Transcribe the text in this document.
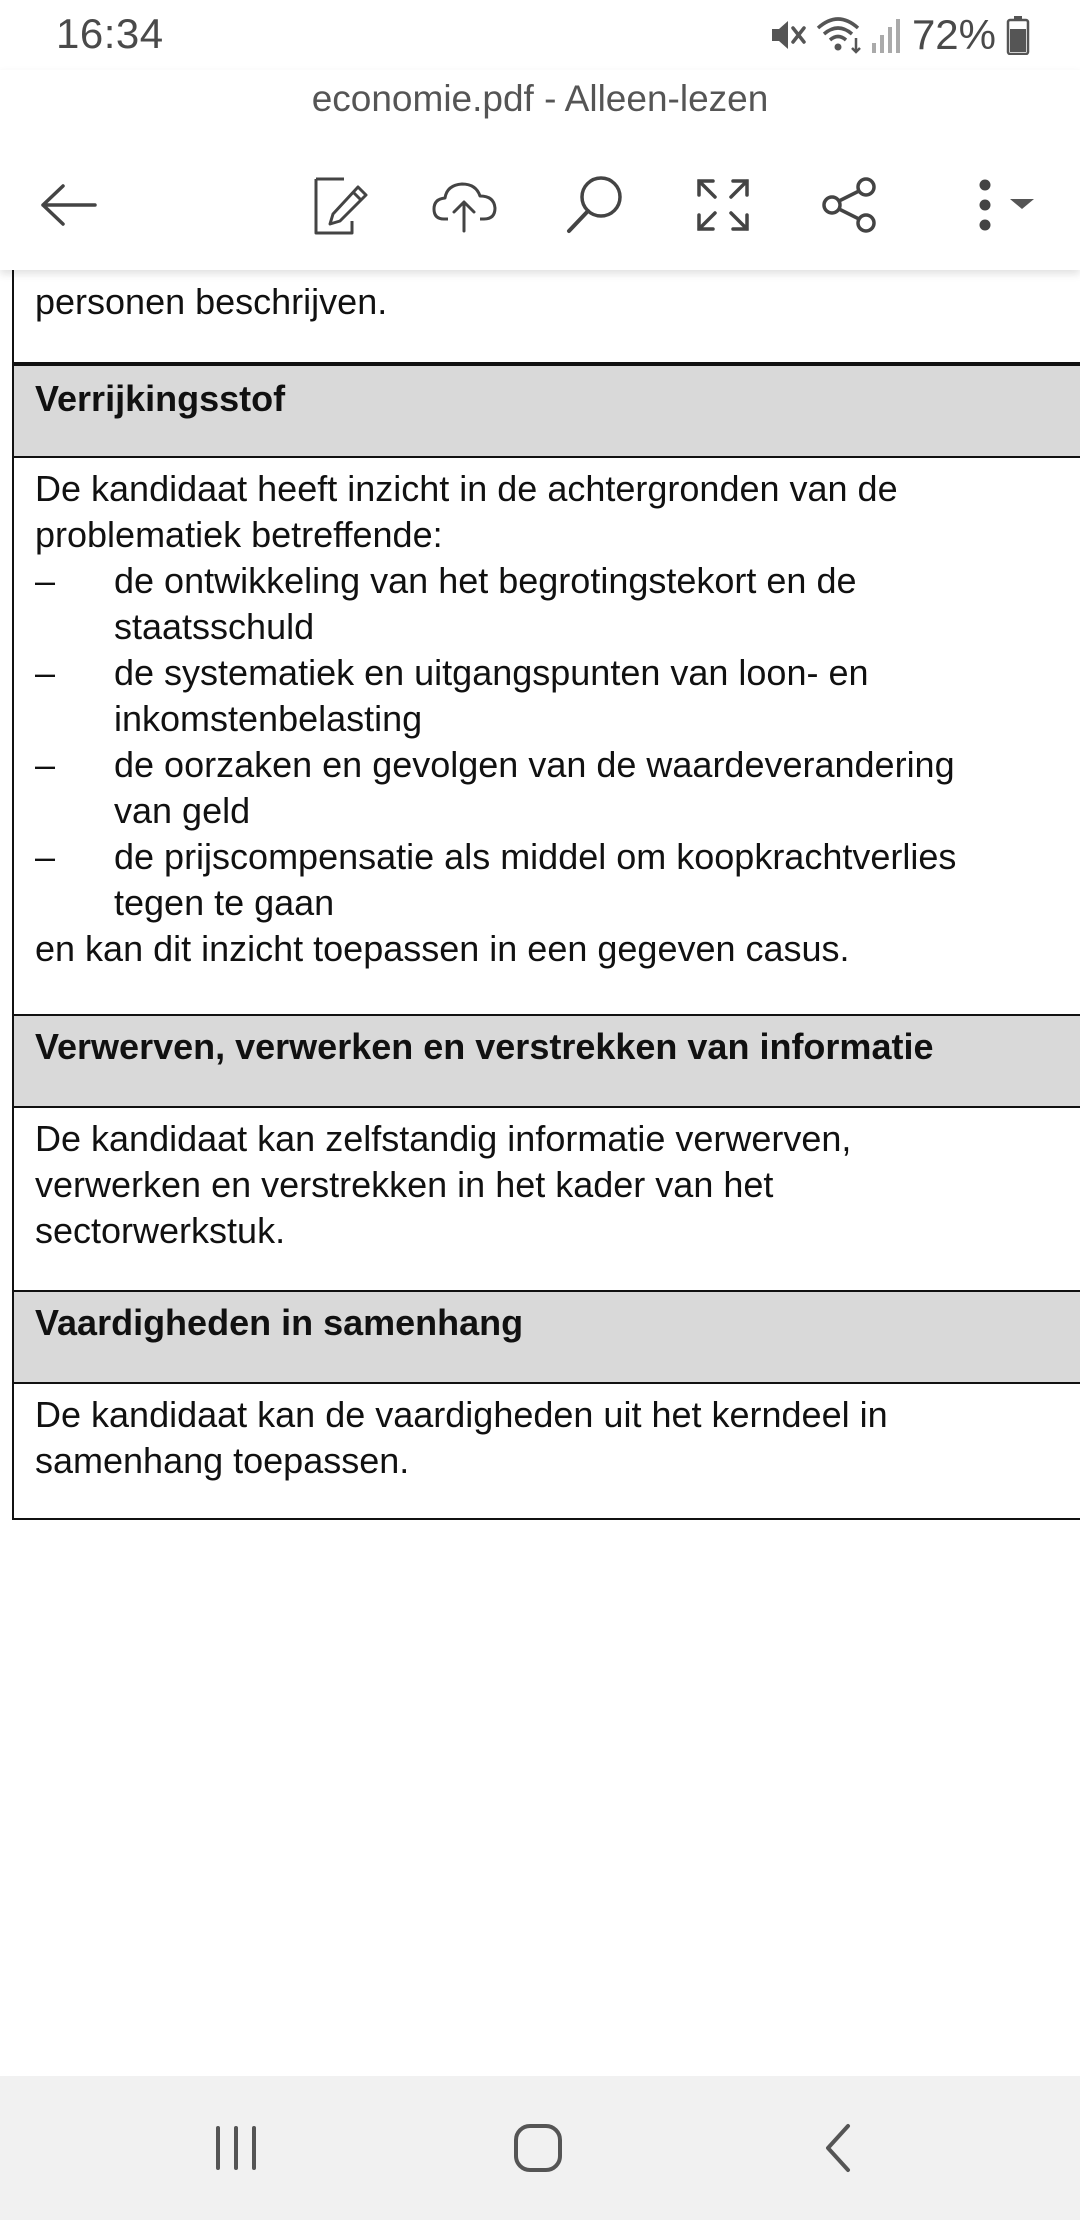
16:34	72%
economie.pdf - Alleen-lezen

personen beschrijven.

Verrijkingsstof

De kandidaat heeft inzicht in de achtergronden van de problematiek betreffende:

–	de ontwikkeling van het begrotingstekort en de
staatsschuld
–	de systematiek en uitgangspunten van loon- en
inkomstenbelasting
–	de oorzaken en gevolgen van de waardeverandering
van geld
–	de prijscompensatie als middel om koopkrachtverlies
tegen te gaan

en kan dit inzicht toepassen in een gegeven casus.

Verwerven, verwerken en verstrekken van informatie

De kandidaat kan zelfstandig informatie verwerven, verwerken en verstrekken in het kader van het sectorwerkstuk.

Vaardigheden in samenhang

De kandidaat kan de vaardigheden uit het kerndeel in samenhang toepassen.
